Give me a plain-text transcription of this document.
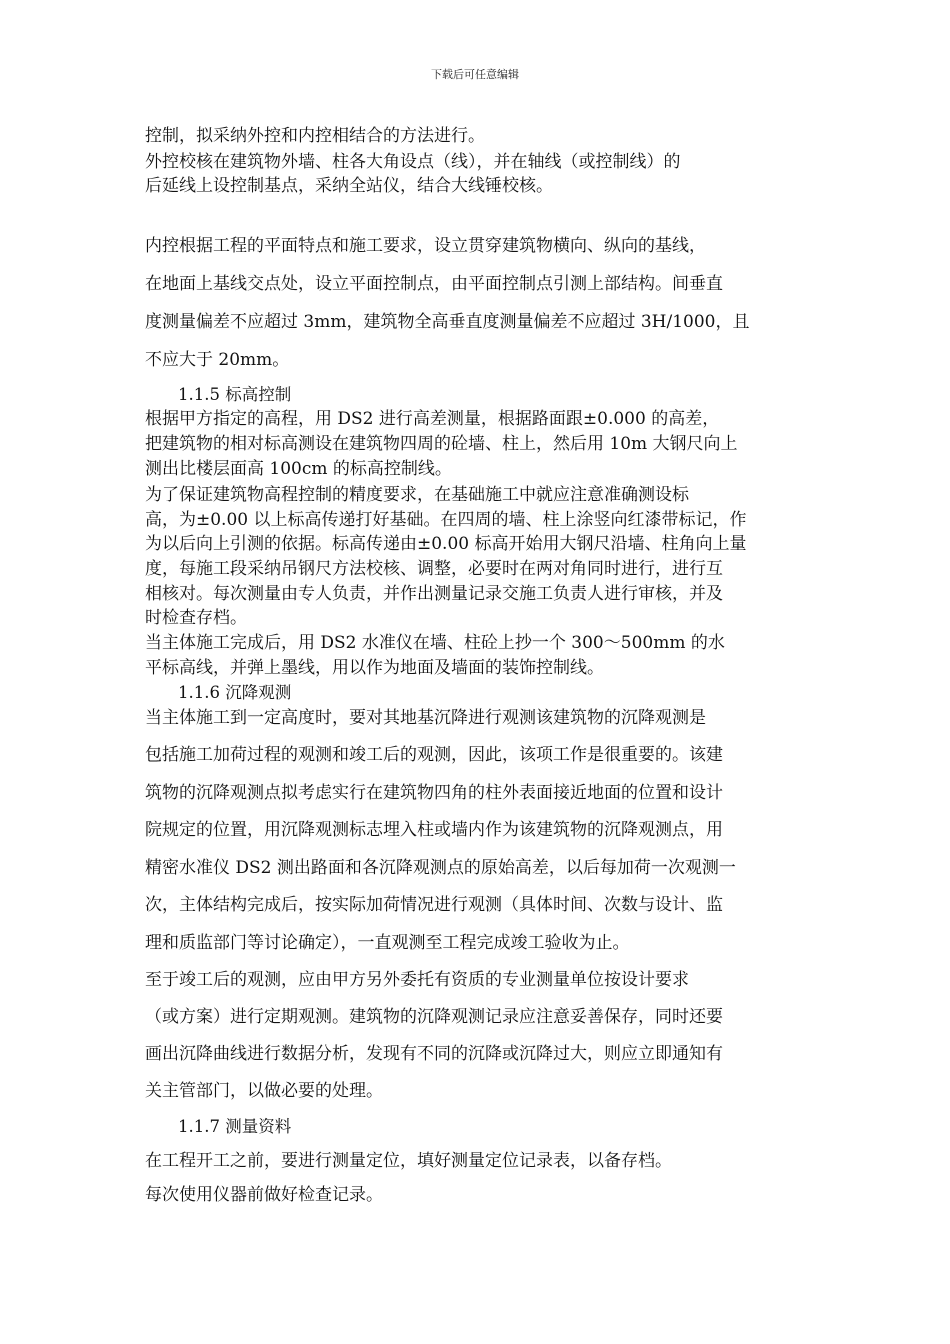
下载后可任意编辑
控制，拟采纳外控和内控相结合的方法进行。
外控校核在建筑物外墙、柱各大角设点（线），并在轴线（或控制线）的
后延线上设控制基点，采纳全站仪，结合大线锤校核。
内控根据工程的平面特点和施工要求，设立贯穿建筑物横向、纵向的基线，
在地面上基线交点处，设立平面控制点，由平面控制点引测上部结构。间垂直
度测量偏差不应超过 3mm，建筑物全高垂直度测量偏差不应超过 3H/1000，且
不应大于 20mm。
1.1.5 标高控制
根据甲方指定的高程，用 DS2 进行高差测量，根据路面跟±0.000 的高差，
把建筑物的相对标高测设在建筑物四周的砼墙、柱上，然后用 10m 大钢尺向上
测出比楼层面高 100cm 的标高控制线。
为了保证建筑物高程控制的精度要求，在基础施工中就应注意准确测设标
高，为±0.00 以上标高传递打好基础。在四周的墙、柱上涂竖向红漆带标记，作
为以后向上引测的依据。标高传递由±0.00 标高开始用大钢尺沿墙、柱角向上量
度，每施工段采纳吊钢尺方法校核、调整，必要时在两对角同时进行，进行互
相核对。每次测量由专人负责，并作出测量记录交施工负责人进行审核，并及
时检查存档。
当主体施工完成后，用 DS2 水准仪在墙、柱砼上抄一个 300～500mm 的水
平标高线，并弹上墨线，用以作为地面及墙面的装饰控制线。
1.1.6 沉降观测
当主体施工到一定高度时，要对其地基沉降进行观测该建筑物的沉降观测是
包括施工加荷过程的观测和竣工后的观测，因此，该项工作是很重要的。该建
筑物的沉降观测点拟考虑实行在建筑物四角的柱外表面接近地面的位置和设计
院规定的位置，用沉降观测标志埋入柱或墙内作为该建筑物的沉降观测点，用
精密水准仪 DS2 测出路面和各沉降观测点的原始高差，以后每加荷一次观测一
次，主体结构完成后，按实际加荷情况进行观测（具体时间、次数与设计、监
理和质监部门等讨论确定），一直观测至工程完成竣工验收为止。
至于竣工后的观测，应由甲方另外委托有资质的专业测量单位按设计要求
（或方案）进行定期观测。建筑物的沉降观测记录应注意妥善保存，同时还要
画出沉降曲线进行数据分析，发现有不同的沉降或沉降过大，则应立即通知有
关主管部门，以做必要的处理。
1.1.7 测量资料
在工程开工之前，要进行测量定位，填好测量定位记录表，以备存档。
每次使用仪器前做好检查记录。
